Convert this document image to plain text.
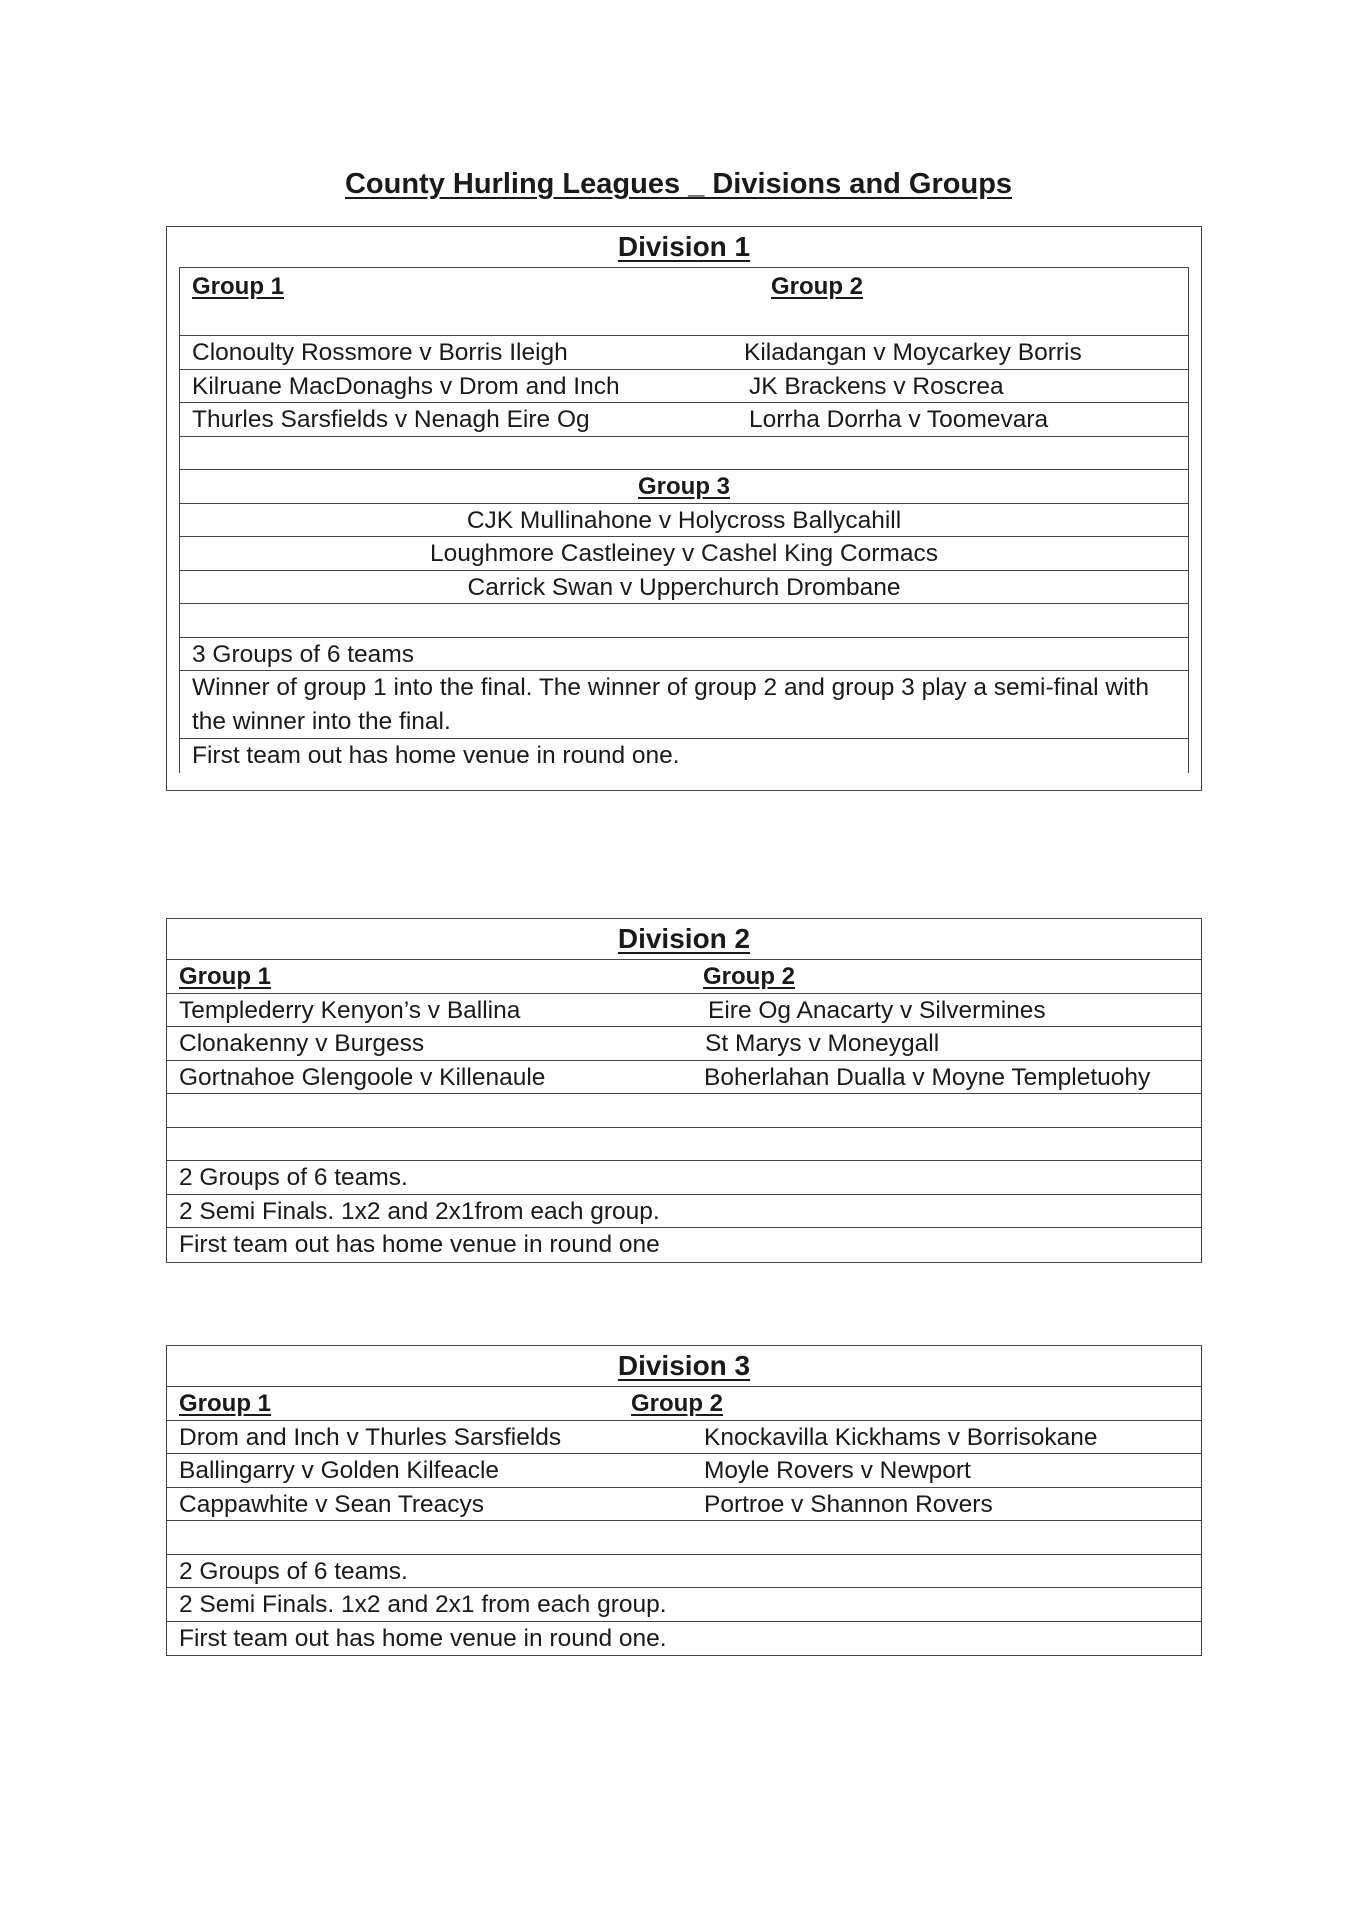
County Hurling Leagues _ Divisions and Groups
Division 1
Group 1	Group 2
Clonoulty Rossmore v Borris Ileigh	Kiladangan v Moycarkey Borris
Kilruane MacDonaghs v Drom and Inch	JK Brackens v Roscrea
Thurles Sarsfields v Nenagh Eire Og	Lorrha Dorrha v Toomevara
Group 3
CJK Mullinahone v Holycross Ballycahill
Loughmore Castleiney v Cashel King Cormacs
Carrick Swan v Upperchurch Drombane
3 Groups of 6 teams
Winner of group 1 into the final. The winner of group 2 and group 3 play a semi-final with the winner into the final.
First team out has home venue in round one.
Division 2
Group 1	Group 2
Templederry Kenyon’s v Ballina	Eire Og Anacarty v Silvermines
Clonakenny v Burgess	St Marys v Moneygall
Gortnahoe Glengoole v Killenaule	Boherlahan Dualla v Moyne Templetuohy
2 Groups of 6 teams.
2 Semi Finals. 1x2 and 2x1from each group.
First team out has home venue in round one
Division 3
Group 1	Group 2
Drom and Inch v Thurles Sarsfields	Knockavilla Kickhams v Borrisokane
Ballingarry v Golden Kilfeacle	Moyle Rovers v Newport
Cappawhite v Sean Treacys	Portroe v Shannon Rovers
2 Groups of 6 teams.
2 Semi Finals. 1x2 and 2x1 from each group.
First team out has home venue in round one.
